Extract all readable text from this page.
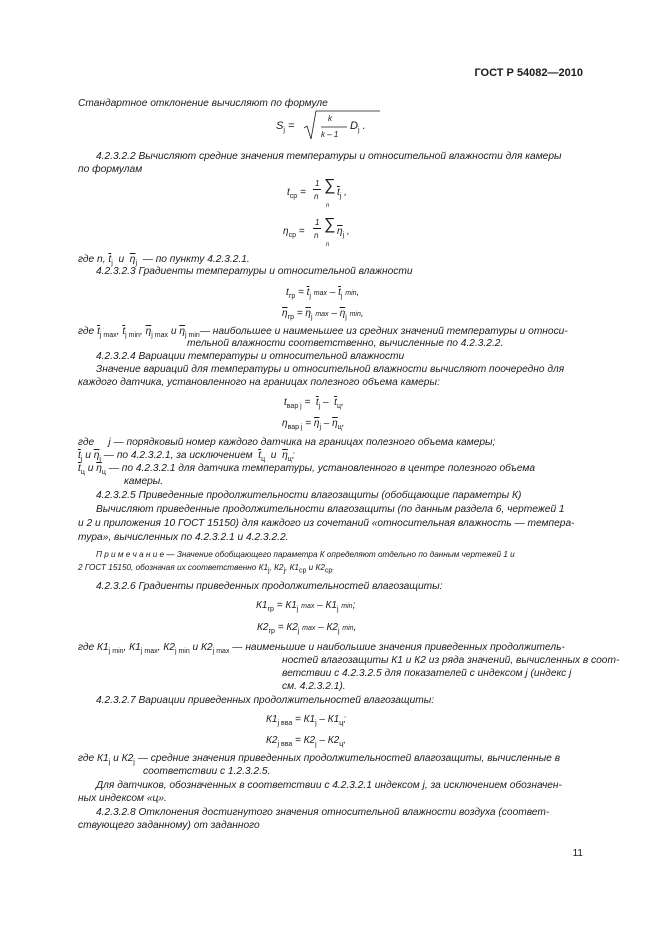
ГОСТ Р 54082—2010
Стандартное отклонение вычисляют по формуле
$S_j$ =
k
k – 1
$D_j$ .
4.2.3.2.2 Вычисляют средние значения температуры и относительной влажности для камеры
по формулам
$t_{ср}$ =
1
n
∑
n
$\overline{t}_j$ ,
$\eta_{ср}$ =
1
n
∑
n
$\overline{\eta}_j$ ,
где n, $\overline{t}_j$  и  $\overline{\eta}_j$ — по пункту 4.2.3.2.1.
4.2.3.2.3 Градиенты температуры и относительной влажности
$t_{гр} = \overline{t}_j$ max – $\overline{t}_j$ min,
$\overline{\eta}_{гр} = \overline{\eta}_j$ max – $\overline{\eta}_j$ min,
где $\overline{t}_{j max}$, $\overline{t}_{j min}$, $\overline{\eta}_{j max}$ и $\overline{\eta}_{j min}—$ наибольшее и наименьшее из средних значений температуры и относи-
тельной влажности соответственно, вычисленные по 4.2.3.2.2.
4.2.3.2.4 Вариации температуры и относительной влажности
Значение вариаций для температуры и относительной влажности вычисляют поочередно для
каждого датчика, установленного на границах полезного объема камеры:
$t_{вар j} = \overline{t}_j - \overline{t}_ц$,
$\eta_{вар j} = \overline{\eta}_j - \overline{\eta}_ц$,
где j — порядковый номер каждого датчика на границах полезного объема камеры;
$\overline{t}_j$ и $\overline{\eta}_j$ — по 4.2.3.2.1, за исключением $\overline{t}_ц$  и  $\overline{\eta}_ц$;
$\overline{t}_ц$ и $\overline{\eta}_ц$ — по 4.2.3.2.1 для датчика температуры, установленного в центре полезного объема
камеры.
4.2.3.2.5 Приведенные продолжительности влагозащиты (обобщающие параметры К)
Вычисляют приведенные продолжительности влагозащиты (по данным раздела 6, чертежей 1
и 2 и приложения 10 ГОСТ 15150) для каждого из сочетаний «относительная влажность — темпера-
тура», вычисленных по 4.2.3.2.1 и 4.2.3.2.2.
П р и м е ч а н и е — Значение обобщающего параметра К определяют отдельно по данным чертежей 1 и
2 ГОСТ 15150, обозначая их соответственно $К1_j$, $К2_j$, $К1_{ср}$ и $К2_{ср}$.
4.2.3.2.6 Градиенты приведенных продолжительностей влагозащиты:
$К1_{гр} = К1_j$ max – $К1_j$ min;
$К2_{гр} = К2_j$ max – $К2_j$ min,
где $К1_{j min}$, $К1_{j max}$, $К2_{j min}$ и $К2_{j max}$ — наименьшие и наибольшие значения приведенных продолжитель-
ностей влагозащиты К1 и К2 из ряда значений, вычисленных в соот-
ветствии с 4.2.3.2.5 для показателей с индексом j (индекс j
см. 4.2.3.2.1).
4.2.3.2.7 Вариации приведенных продолжительностей влагозащиты:
$К1_{j вва} = К1_j - К1_ц$;
$К2_{j вва} = К2_j - К2_ц$,
где $К1_j$ и $К2_j$ — средние значения приведенных продолжительностей влагозащиты, вычисленные в
соответствии с 1.2.3.2.5.
Для датчиков, обозначенных в соответствии с 4.2.3.2.1 индексом j, за исключением обозначен-
ных индексом «ц».
4.2.3.2.8 Отклонения достигнутого значения относительной влажности воздуха (соответ-
ствующего заданному) от заданного
11
